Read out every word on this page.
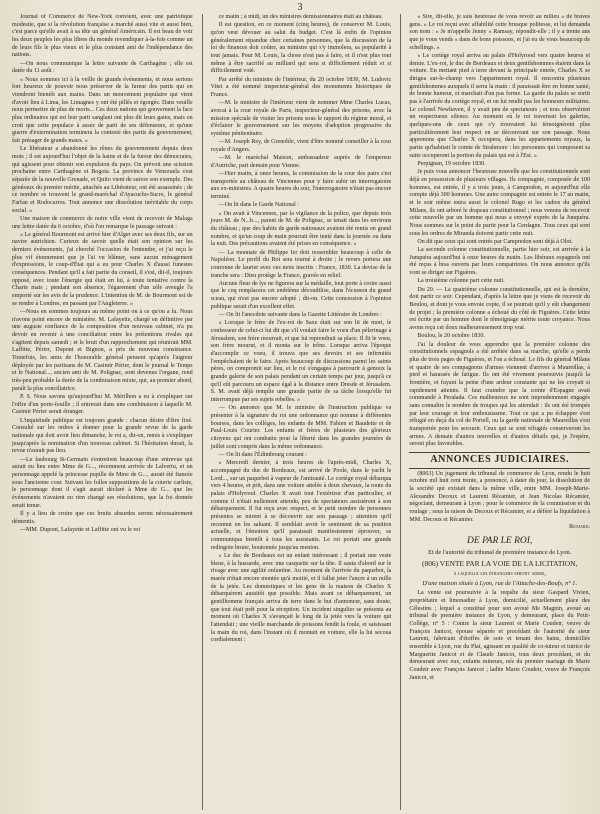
3

Journal of Commerce de New-York convient, avec une patriotique modestie, que si la révolution française a marché aussi vite et aussi bien, c'est parce qu'elle avait à sa tête un général Américain. Il est beau de voir les deux peuples les plus libres du monde revendiquer à-la-fois comme un de leurs fils le plus vieux et le plus constant ami de l'indépendance des nations.

—On nous communique la lettre suivante de Carthagène ; elle est datée du 11 août :

« Nous sommes ici à la veille de grands événements, et nous serions fort heureux de pouvoir nous préserver de la fureur des partis qui en viendront bientôt aux mains. Dans un mouvement populaire qui vient d'avoir lieu à Lima, les Limagnes y ont été pillés et égorgés. Dans veuille nous permettre de plus de morts... Ces deux nations qui gouvernent la face plus ordinaires qui est leur parti sanglant ont plus dit leurs gains, mais on croit que cette populace à assez de parti de ses défenseurs, et qu'une guerre d'extermination terminera la contesté des partis du gouvernement, fait présager de grands maux. »

Le libérateur a abandonné les rênes du gouvernement depuis deux mois ; il est aujourd'hui l'objet de la haine et de la fureur des démocrates, qui agissent pour obtenir son expulsion du pays. On prévoit une scission prochaine entre Carthagène et Bogota. La province de Venezuela s'est séparée de la nouvelle Grenade, et Quito vient de suivre son exemple. Des généraux du premier mérite, attachés au Libérateur, ont été assassinés ; de ce nombre se trouvent le grand-maréchal d'Ayacucho-Sucre, le général Farfan et Rodocarros. Tout annonce une dissolution inévitable du corps social. »

Une maison de commerce de notre ville vient de recevoir de Malaga une lettre datée du 6 octobre, d'où l'on remarque le passage suivant :

« Le général Bourmont est arrivé hier d'Alger avec ses deux fils, sur un navire autrichien. Curieux de savoir quelle était son opinion sur les derniers événements, j'ai cherché l'occasion de l'entendre, et j'ai reçu le plus vif étonnement que je l'ai vu blâmer, sans aucun ménagement d'expressions, le coup-d'État qui a eu pour Charles X d'aussi funestes conséquences. Pendant qu'il a fait partie du conseil, il s'est, dit-il, toujours opposé, avec toute l'énergie qui était en lui, à toute tentative contre la Charte mais ; pendant son absence, l'égarement d'un zèle aveugle l'a emporté sur les avis de la prudence. L'intention de M. de Bourmont est de se rendre à Londres, en passant par l'Angleterre. »

—Nous en sommes toujours au même point on à ce qu'on a lu. Nous n'avons point encore de ministère. M. Lafayette, chargé en définitive par une auguste confiance de la composition d'un nouveau cabinet, n'a pu devoir en revenir à une conciliation entre les prétentions rivales qui s'agitent depuis samedi ; et le bruit d'un rapprochement qui réunirait MM. Laffitte, Périer, Dupont et Bignon, a pris de nouveau consistance. Toutefois, les amis de l'honorable général pensent qu'après l'aigreur déployée par les partisans de M. Casimir Périer, dont le journal le Temps et le National..., ancien ami de M. Polignac, sont devenus l'organe, rend très-peu probable la durée de la combinaison mixte, qui, au premier abord, paraît la plus conciliatrice.

P. S. Nous savons qu'aujourd'hui M. Mérilhon a eu à s'expliquer sur l'offre d'un porte-feuille ; il entrerait dans une combinaison à laquelle M. Casimir Périer serait étranger.

L'inquiétude publique est toujours grande : chacun désire d'être fixé. Consulté sur les ordres à donner pour la grande revue de la garde nationale qui doit avoir lieu dimanche, le roi a, dit-on, remis à s'expliquer jusqu'après la nomination d'un nouveau cabinet. Si l'hésitation durait, la revue n'aurait pas lieu.

—Le faubourg St-Germain s'entretient beaucoup d'une entrevue qui aurait eu lieu entre Mme de G..., récemment arrivée de Lalvertu, et un personnage appelé la princesse pupille de Mme de G..., aurait été fiancée sous l'ancienne cour. Suivant les folles suppositions de la coterie carliste, le personnage dont il s'agit aurait déclaré à Mme de G... que les événements n'avaient eu rien changé ses résolutions, que la foi donnée serait tenue.

Il y a lieu de croire que ces bruits absurdes seront nécessairement démentis.

—MM. Dupont, Lafayette et Laffitte ont vu le roi

ce matin ; à midi, un des ministres démissionnaires était au château.

Il est question, en ce moment (cinq heures), de conserver M. Louis, qu'on veut dévouer au salut du budget. C'est là enfin de l'opinion généralement répandue chez certaines personnes, que la discussion de la loi de finances doit coûter, au ministre qui s'y immolera, sa popularité à tout jamais. Pour M. Louis, la chose n'est pas à faire, et il n'est plus tout même à être sacrifié au milliard qui sera si difficilement réduit et si difficilement voté.

Par arrêté du ministre de l'intérieur, du 20 octobre 1830, M. Ludovic Vitet a été nommé inspecteur-général des monuments historiques de France.

—M. le ministre de l'intérieur vient de nommer Mme Charles Lucas, avocat à la cour royale de Paris, inspecteur-général des prisons, avec la mission spéciale de visiter les prisons sous le rapport du régime moral, et d'éclairer le gouvernement sur les moyens d'adoption progressive du système pénitentiaire.

—M. Joseph Rey, de Grenoble, vient d'être nommé conseiller à la cour royale d'Angers.

—M. le maréchal Maison, ambassadeur auprès de l'empereur d'Autriche, part demain pour Vienne.

—Hier matin, à onze heures, la commission de la cour des pairs s'est transportée au château de Vincennes pour y faire subir un interrogatoire aux ex-ministres. A quatre heures du soir, l'interrogatoire n'était pas encore terminé.

—On lit dans le Garde National :

« On avait à Vincennes, par la vigilance de la police, que depuis trois jours M. de N...b..., parent de M. de Polignac, se tenait dans les environs du château ; que des habits de garde nationaux avaient été remis en grand nombre, et qu'un coup de main pourrait être tenté dans la journée ou dans la nuit. Des précautions avaient été prises en conséquence. »

— La monnaie de Philippe Ier doit ressembler beaucoup à celle de Napoléon. Le profil du Roi sera tourné à droite ; le revers portera une couronne de laurier avec ces mots inscrits : France, 1830. La devise de la tranche sera : Dieu protège la France, gravée en relief.

Aucune fleur de lys ne figurera sur la médaille, tout porte à croire aussi que le coq remplacera cet emblème découdilise, dans l'écusson du grand sceau, qui n'est pas encore adopté ; dit-on. Cette concession à l'opinion publique serait d'un excellent effet.

— On lit l'anecdote suivante dans la Gazette Littéraire de Londres :

« Lorsque le frère de l'ex-roi de Saxe était sur son lit de mort, le confesseur de celui-ci lui dit que s'il voulait faire le voeu d'un pèlerinage à Jérusalem, son frère mourrait, et que lui reprendrait sa place. Il fit le voeu, son frère mourut, et il monta sur le trône. Lorsque arriva l'époque d'accomplir ce voeu, il trouva que ses devoirs et ses infirmités l'empêchaient de le faire. Après beaucoup de discussions parmi les saints pères, on compromit sur lieu, et le roi s'engagea à parcourir à genoux la grande galerie de son palais pendant un certain temps par jour, jusqu'à ce qu'il eût parcouru un espace égal à la distance entre Dresde et Jérusalem. S. M. avait déjà remplie une grande partie de sa tâche lorsqu'elle fut interrompue par ses sujets rebelles. »

— On annonce que M. le ministre de l'instruction publique va présenter à la signature du roi une ordonnance qui nomme à différentes bourses, dans les collèges, les enfants de MM. Fabien et Baudette et de Paul-Louis Courier. Les enfants et frères de plusieurs des glorieux citoyens qui ont combattu pour la liberté dans les grandes journées de juillet sont compris dans la même ordonnance.

— On lit dans l'Édimbourg courant :

« Mercredi dernier, à trois heures de l'après-midi, Charles X, accompagné du duc de Bordeaux, est arrivé de Poole, dans le yacht le Lord..., sur un paquebot à vapeur de l'amirauté. Le cortège royal débarqua vers 4 heures, et prit, dans une voiture attelée à deux chevaux, la route du palais d'Holyrood. Charles X avait tout l'extérieur d'un particulier, et comme il n'était nullement attendu, peu de spectateurs assistèrent à son débarquement. Il fut reçu avec respect, et le petit nombre de personnes présentes se mirent à se découvrir sur son passage ; attention qu'il reconnut en les saluant. Il semblait avoir le sentiment de sa position actuelle, et l'émotion qu'il paraissait manifestement éprouver, se communiqua bientôt à tous les assistants. Le roi portait une grande redingote brune, boutonnée jusqu'au menton.

« Le duc de Bordeaux est un enfant intéressant ; il portait une veste bleue, à la hussarde, avec une casquette sur la tête. Il sauta d'abord sur le rivage avec une agilité enfantine. Au moment de l'arrivée du paquebot, la marée n'était encore montée qu'à moitié, et il fallut jeter l'ancre à un mille de la jetée. Les domestiques et les gens de la maison de Charles X débarquèrent aussitôt que possible. Mais avant ce débarquement, un gentilhomme français arriva de terre dans le but d'annoncer, sans doute, que tout était prêt pour la réception. Un incident singulier se présenta au moment où Charles X s'avançait le long de la jetée vers la voiture qui l'attendait ; une vieille marchande de poissons fendit la foule, et saisissant la main du roi, dans l'instant où il montait en voiture, elle la lui secoua cordialement :

« Sire, dit-elle, je suis heureuse de vous revoir au milieu « de braves gens. » Le roi reçut avec affabilité cette brusque politesse, et lui demanda son nom : « Je m'appelle Jenny « Ramsay, répondit-elle ; il y a trente ans que je vous vends « dans de bons poissons, et j'ai eu de vous beaucoup de schellings. »

« Le cortège royal arriva au palais d'Holyrood vers quatre heures et demie. L'ex-roi, le duc de Bordeaux et deux gentilshommes étaient dans la voiture. En mettant pied à terre devant la principale entrée, Charles X se dirigea sur-le-champ vers l'appartement royal. Il rencontra plusieurs gentilshommes auxquels il serra la main : il paraissait être en bonne santé, de bonne humeur, et marchait d'un pas ferme. La garde du palais se sortit pas à l'arrivée du cortège royal, et on lui rendit pas les honneurs militaires. Le colonel Newhaven, il y avait peu de spectateurs ; et tous observèrent un respectueux silence. Au moment où le roi traversait les galeries, quelques-uns de ceux qui s'y trouvaient lui témoignèrent plus particulièrement leur respect en se découvrant sur son passage. Nous apprenons que Charles X occupera, dans les appartements royaux, la partie qu'habitait le comte de Strahmore : les personnes qui composent sa suite occuperont la portion du palais qui est à l'Est. »

Perpignan, 19 octobre 1830.

Je puis vous annoncer l'heureuse nouvelle que les constitutionnels sont déjà en possession de plusieurs villages. Ils compagnie, composée de 100 hommes, est entrée, il y a trois jours, à Campredon, et aujourd'hui elle compte déjà 300 hommes. Une autre compagnie est entrée le 17 au matin, et le soir même entra aussi le colonel Rugo et les cadres du général Milans, ils ont arboré le drapeau constitutionnel ; nous venons de recevoir cette nouvelle par un homme qui nous a envoyé exprès de la Junquéra. Nous sommes sur le point de partir pour la Cerdagne. Tous ceux qui sont sous les ordres de Miranda doivent partir cette nuit.

On dit que ceux qui sont entrés par Campredon sont déjà à Olot.

La seconde colonne constitutionnelle, partie hier soir, est arrivée à la Junquéra aujourd'hui à onze heures du matin. Les libéraux espagnols ont été reçus à bras ouverts par leurs compatriotes. On nous annonce qu'ils vont se diriger sur Figuères.

La troisième colonne part cette nuit.

Du 20. — La quatrième colonne constitutionnelle, qui est la dernière, doit partir ce soir. Cependant, d'après la lettre que je viens de recevoir du Boulou, et dont je vous envoie copie, il se pourrait qu'il y eût changement de projet ; la première colonne a échoué du côté de Figuères. Cette lettre est écrite par un homme dont le témoignage mérite toute croyance. Nous avons reçu cet doux malheureusement trop vrai.

Boulou, le 20 octobre 1830.

J'ai la douleur de vous apprendre que la première colonne des constitutionnels espagnols a été arrêtée dans sa marche, qu'elle a perdu plus de trois pages de Figuères, et l'on a échoué. Le fils du général Milans et quatre de ses compagnons d'armes viennent d'arriver à Maureillas, à pied et harassés de fatigue. Ils ont été vivement poursuivis jusqu'à la frontière, et fuyant la peine d'une ardeur constante qui ne les croyait si rapidement atteints. Il faut craindre que la comte d'Espagne avait commandé à Peralada. Ces malheureux ne sont imprudemment engagés sans connaître le nombre de troupes qui les attendait : ils ont été trompés par leur courage et leur enthousiasme. Tout ce qui a pu échapper s'est réfugié en deçà du col de Portell, ou la garde nationale de Maureillas s'est transportée pour les secourir. Ceux qui se sont réfugiés conserveront les armes. A demain d'autres nouvelles et d'autres détails qui, je l'espère, seront plus favorables.

ANNONCES JUDICIAIRES.

(8063) Un jugement du tribunal de commerce de Lyon, rendu le huit octobre mil huit cent trente, a prononcé, à dater du jour, la dissolution de la société qui existait dans la même ville, entre MM. Joseph-Marie-Alexandre Decoux et Laurent Récamier, et Jean Nicolas Récamier, négociant, demeurant à Lyon ; pour le commerce de la commission et du roulage ; sous la raison de Decoux et Récamier, et a déféré la liquidation à MM. Decoux et Récamier.

Richard.
DE PAR LE ROI,
Et de l'autorité du tribunal de première instance de Lyon.
(806) VENTE PAR LA VOIE DE LA LICITATION,
à laquelle les étrangers seront admis,
D'une maison située à Lyon, rue de l'Attache-des-Boufs, n° 1.

La vente est poursuivie à la requête du sieur Gaspard Vivien, propriétaire et limonadier à Lyon, domicilié, actuellement place des Célestins ; lequel a constitué pour son avoué Me Magnin, avoué au tribunal de première instance de Lyon, y demeurant, place du Petit-Collège, n° 5 : Contre la sieur Laurent et Marie Coudeir, veuve de François Janicot, épouse séparée et procédant de l'autorité du sieur Laurent, fabricant d'étoffes de soie et tenant des bains, domiciliés ensemble à Lyon, rue du Plat, agissant en qualité de co-tuteur et tutrice de Marguerite Janicot et de Claude Janicot, tous deux procédant, et du demeurant avec eux, enfants mineurs, nés du premier mariage de Marie Coudeir avec François Janicot ; ladite Marie Coudeir, veuve de François Janicot, et
